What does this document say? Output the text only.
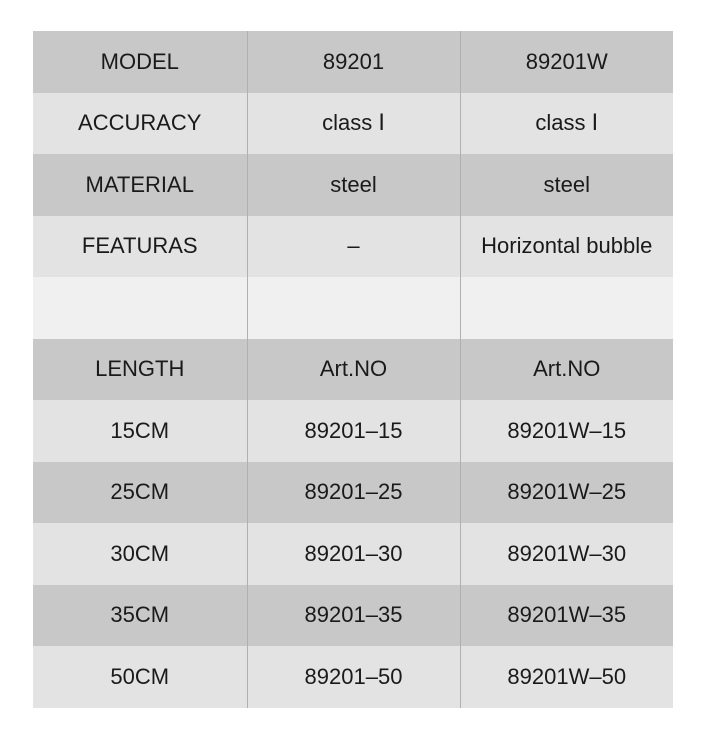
MODEL	89201	89201W
ACCURACY	class Ⅰ	class Ⅰ
MATERIAL	steel	steel
FEATURAS	–	Horizontal bubble

LENGTH	Art.NO	Art.NO
15CM	89201–15	89201W–15
25CM	89201–25	89201W–25
30CM	89201–30	89201W–30
35CM	89201–35	89201W–35
50CM	89201–50	89201W–50
